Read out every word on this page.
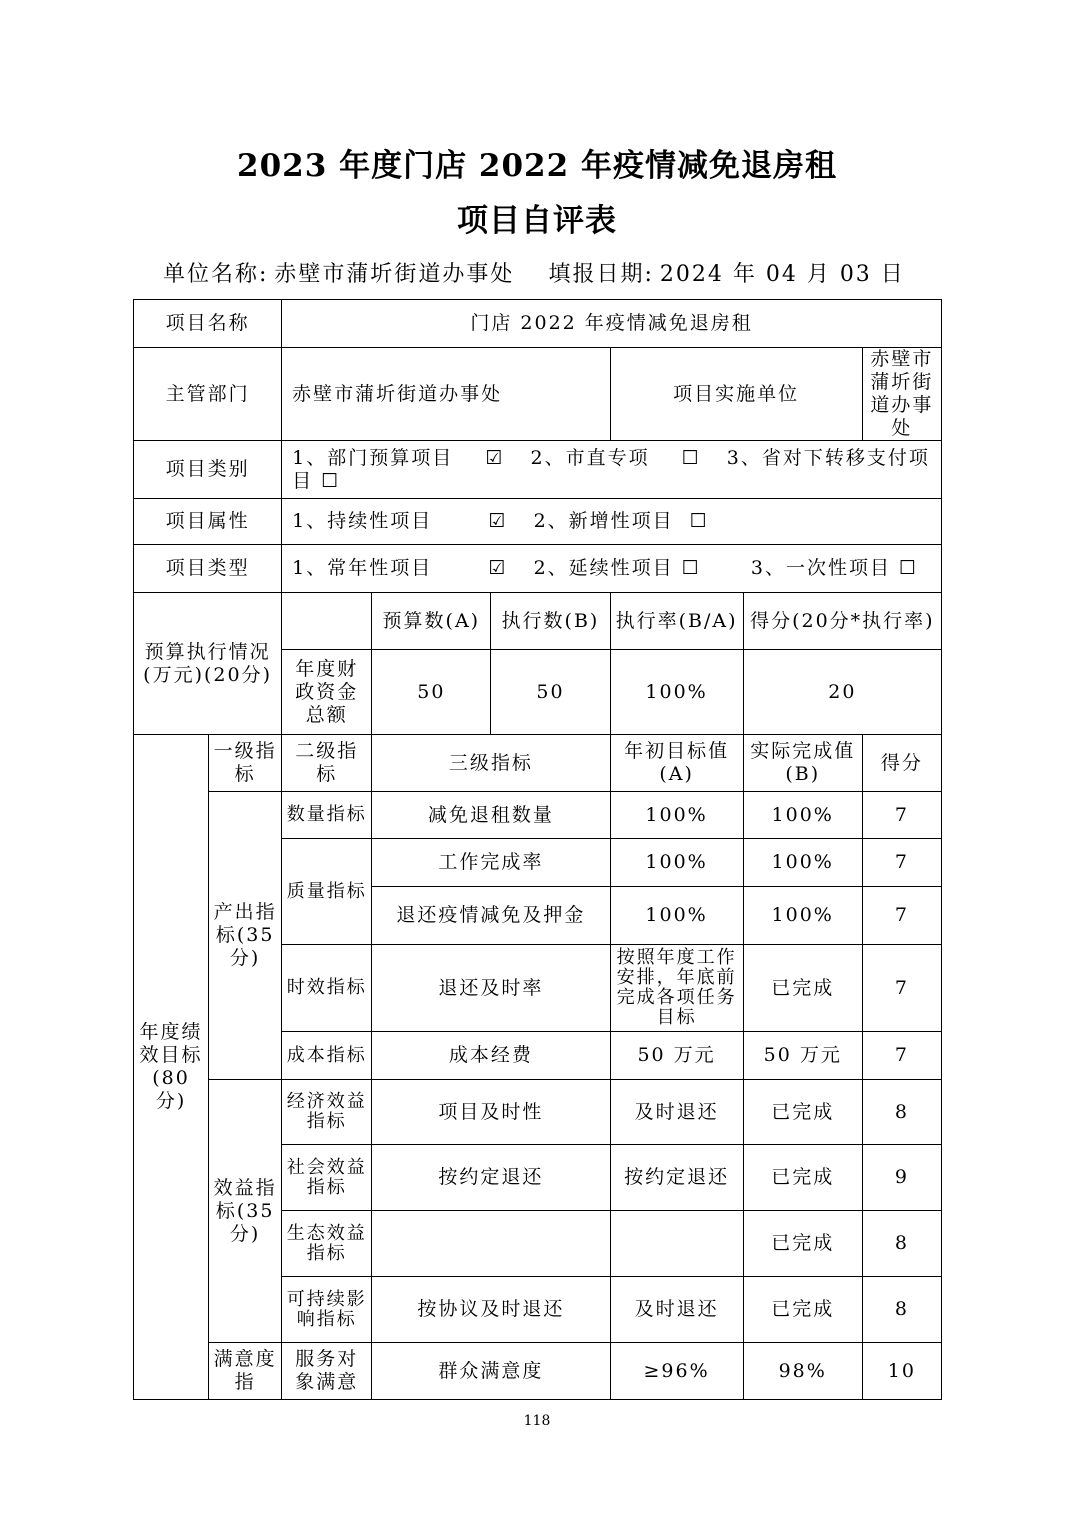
2023 年度门店 2022 年疫情减免退房租
项目自评表
单位名称: 赤壁市蒲圻街道办事处 填报日期: 2024 年 04 月 03 日
项目名称		门店 2022 年疫情减免退房租					
主管部门		赤壁市蒲圻街道办事处			项目实施单位		赤壁市蒲圻街道办事处
项目类别		1、部门预算项目 ☑ 2、市直专项 ☐ 3、省对下转移支付项目 ☐					
项目属性		1、持续性项目 ☑ 2、新增性项目 ☐					
项目类型		1、常年性项目 ☑ 2、延续性项目 ☐ 3、一次性项目 ☐					
预算执行情况(万元)(20分)			预算数(A)	执行数(B)	执行率(B/A)	得分(20分*执行率)	
		年度财政资金总额	50	50	100%	20	
年度绩效目标(80分)	一级指标	二级指标	三级指标		年初目标值(A)	实际完成值(B)	得分
	产出指标(35分)	数量指标	减免退租数量		100%	100%	7
		质量指标	工作完成率		100%	100%	7
			退还疫情减免及押金		100%	100%	7
		时效指标	退还及时率		按照年度工作安排，年底前完成各项任务目标	已完成	7
		成本指标	成本经费		50 万元	50 万元	7
	效益指标(35分)	经济效益指标	项目及时性		及时退还	已完成	8
		社会效益指标	按约定退还		按约定退还	已完成	9
		生态效益指标				已完成	8
		可持续影响指标	按协议及时退还		及时退还	已完成	8
	满意度指	服务对象满意	群众满意度		≥96%	98%	10
118
